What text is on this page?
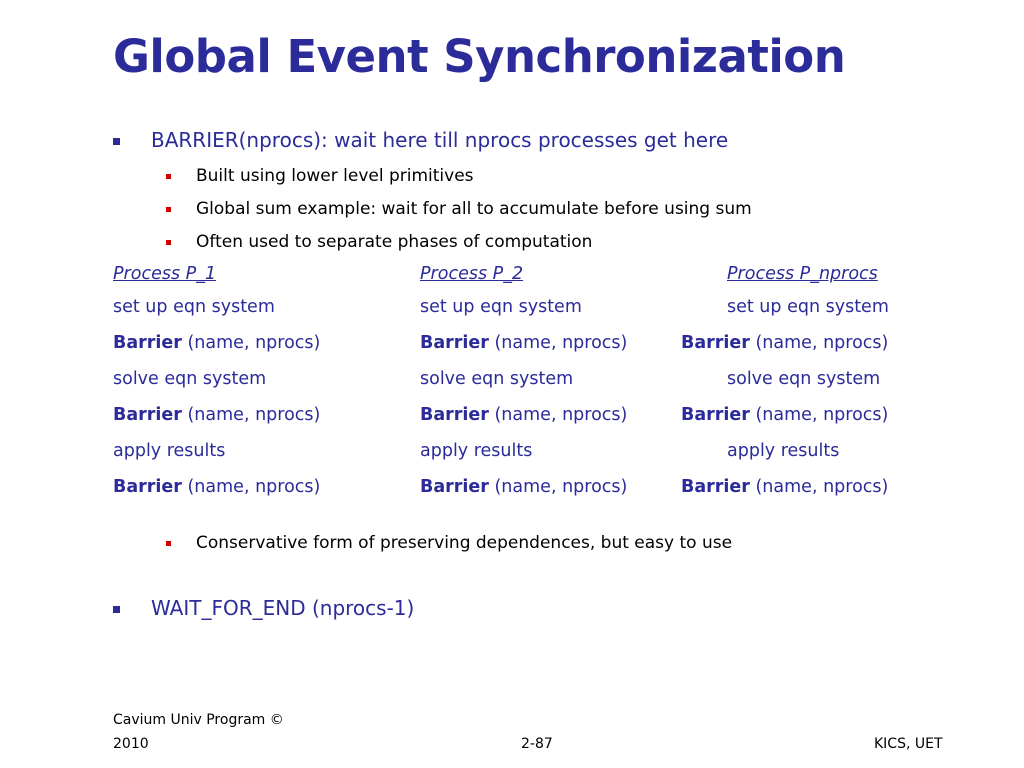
Global Event Synchronization
BARRIER(nprocs): wait here till nprocs processes get here
Built using lower level primitives
Global sum example: wait for all to accumulate before using sum
Often used to separate phases of computation
Process P_1	Process P_2	Process P_nprocs
set up eqn system	set up eqn system	set up eqn system
Barrier (name, nprocs)	Barrier (name, nprocs)	Barrier (name, nprocs)
solve eqn system	solve eqn system	solve eqn system
Barrier (name, nprocs)	Barrier (name, nprocs)	Barrier (name, nprocs)
apply results	apply results	apply results
Barrier (name, nprocs)	Barrier (name, nprocs)	Barrier (name, nprocs)
Conservative form of preserving dependences, but easy to use
WAIT_FOR_END (nprocs-1)
Cavium Univ Program ©
2010	2-87	KICS, UET
